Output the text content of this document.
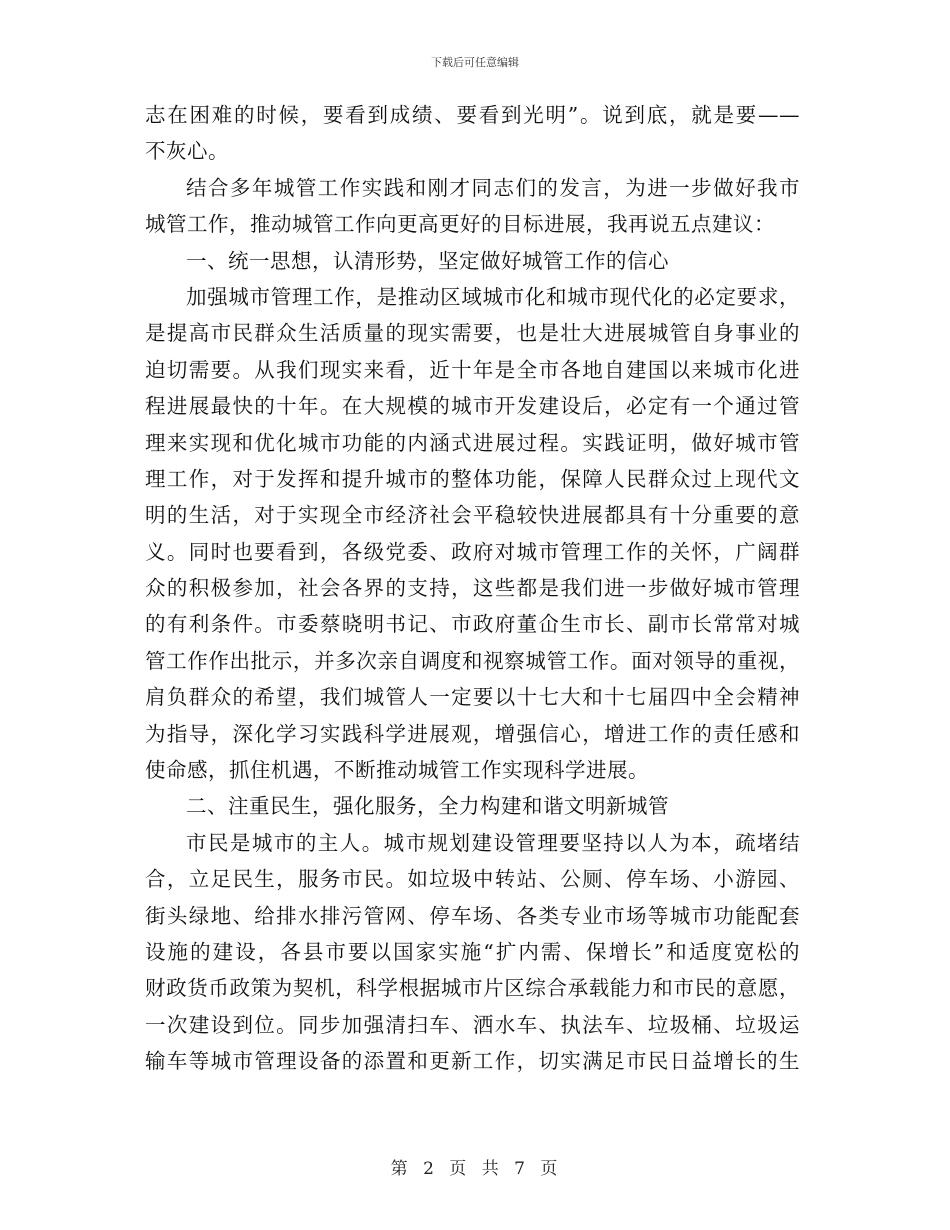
下载后可任意编辑
志在困难的时候，要看到成绩、要看到光明”。说到底，就是要——
不灰心。
结合多年城管工作实践和刚才同志们的发言，为进一步做好我市
城管工作，推动城管工作向更高更好的目标进展，我再说五点建议：
一、统一思想，认清形势，坚定做好城管工作的信心
加强城市管理工作，是推动区域城市化和城市现代化的必定要求，
是提高市民群众生活质量的现实需要，也是壮大进展城管自身事业的
迫切需要。从我们现实来看，近十年是全市各地自建国以来城市化进
程进展最快的十年。在大规模的城市开发建设后，必定有一个通过管
理来实现和优化城市功能的内涵式进展过程。实践证明，做好城市管
理工作，对于发挥和提升城市的整体功能，保障人民群众过上现代文
明的生活，对于实现全市经济社会平稳较快进展都具有十分重要的意
义。同时也要看到，各级党委、政府对城市管理工作的关怀，广阔群
众的积极参加，社会各界的支持，这些都是我们进一步做好城市管理
的有利条件。市委蔡晓明书记、市政府董仚生市长、副市长常常对城
管工作作出批示，并多次亲自调度和视察城管工作。面对领导的重视，
肩负群众的希望，我们城管人一定要以十七大和十七届四中全会精神
为指导，深化学习实践科学进展观，增强信心，增进工作的责任感和
使命感，抓住机遇，不断推动城管工作实现科学进展。
二、注重民生，强化服务，全力构建和谐文明新城管
市民是城市的主人。城市规划建设管理要坚持以人为本，疏堵结
合，立足民生，服务市民。如垃圾中转站、公厕、停车场、小游园、
街头绿地、给排水排污管网、停车场、各类专业市场等城市功能配套
设施的建设，各县市要以国家实施“扩内需、保增长”和适度宽松的
财政货币政策为契机，科学根据城市片区综合承载能力和市民的意愿，
一次建设到位。同步加强清扫车、洒水车、执法车、垃圾桶、垃圾运
输车等城市管理设备的添置和更新工作，切实满足市民日益增长的生
第 2 页 共 7 页
